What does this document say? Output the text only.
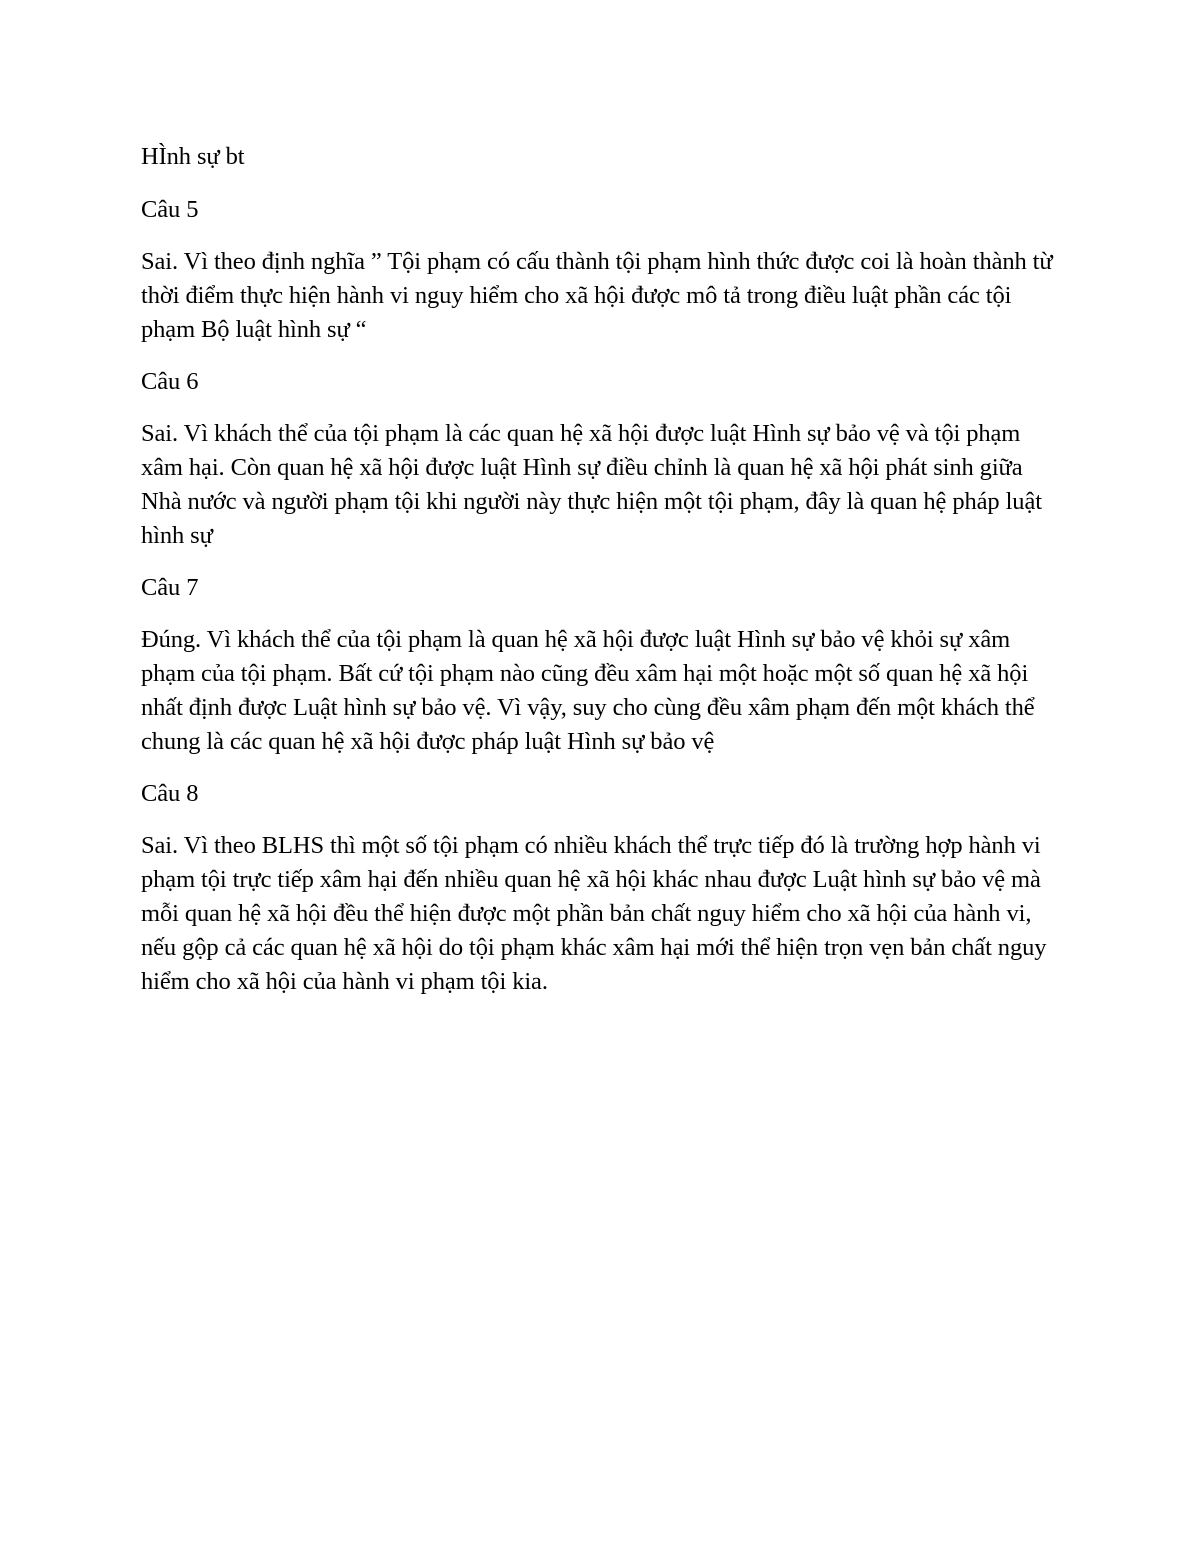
HÌnh sự bt

Câu 5

Sai. Vì theo định nghĩa ” Tội phạm có cấu thành tội phạm hình thức được coi là hoàn thành từ thời điểm thực hiện hành vi nguy hiểm cho xã hội được mô tả trong điều luật phần các tội phạm Bộ luật hình sự “

Câu 6

Sai. Vì khách thể của tội phạm là các quan hệ xã hội được luật Hình sự bảo vệ và tội phạm xâm hại. Còn quan hệ xã hội được luật Hình sự điều chỉnh là quan hệ xã hội phát sinh giữa Nhà nước và người phạm tội khi người này thực hiện một tội phạm, đây là quan hệ pháp luật hình sự

Câu 7

Đúng. Vì khách thể của tội phạm là quan hệ xã hội được luật Hình sự bảo vệ khỏi sự xâm phạm của tội phạm. Bất cứ tội phạm nào cũng đều xâm hại một hoặc một số quan hệ xã hội nhất định được Luật hình sự bảo vệ. Vì vậy, suy cho cùng đều xâm phạm đến một khách thể chung là các quan hệ xã hội được pháp luật Hình sự bảo vệ

Câu 8

Sai. Vì theo BLHS thì một số tội phạm có nhiều khách thể trực tiếp đó là trường hợp hành vi phạm tội trực tiếp xâm hại đến nhiều quan hệ xã hội khác nhau được Luật hình sự bảo vệ mà mỗi quan hệ xã hội đều thể hiện được một phần bản chất nguy hiểm cho xã hội của hành vi, nếu gộp cả các quan hệ xã hội do tội phạm khác xâm hại mới thể hiện trọn vẹn bản chất nguy hiểm cho xã hội của hành vi phạm tội kia.
